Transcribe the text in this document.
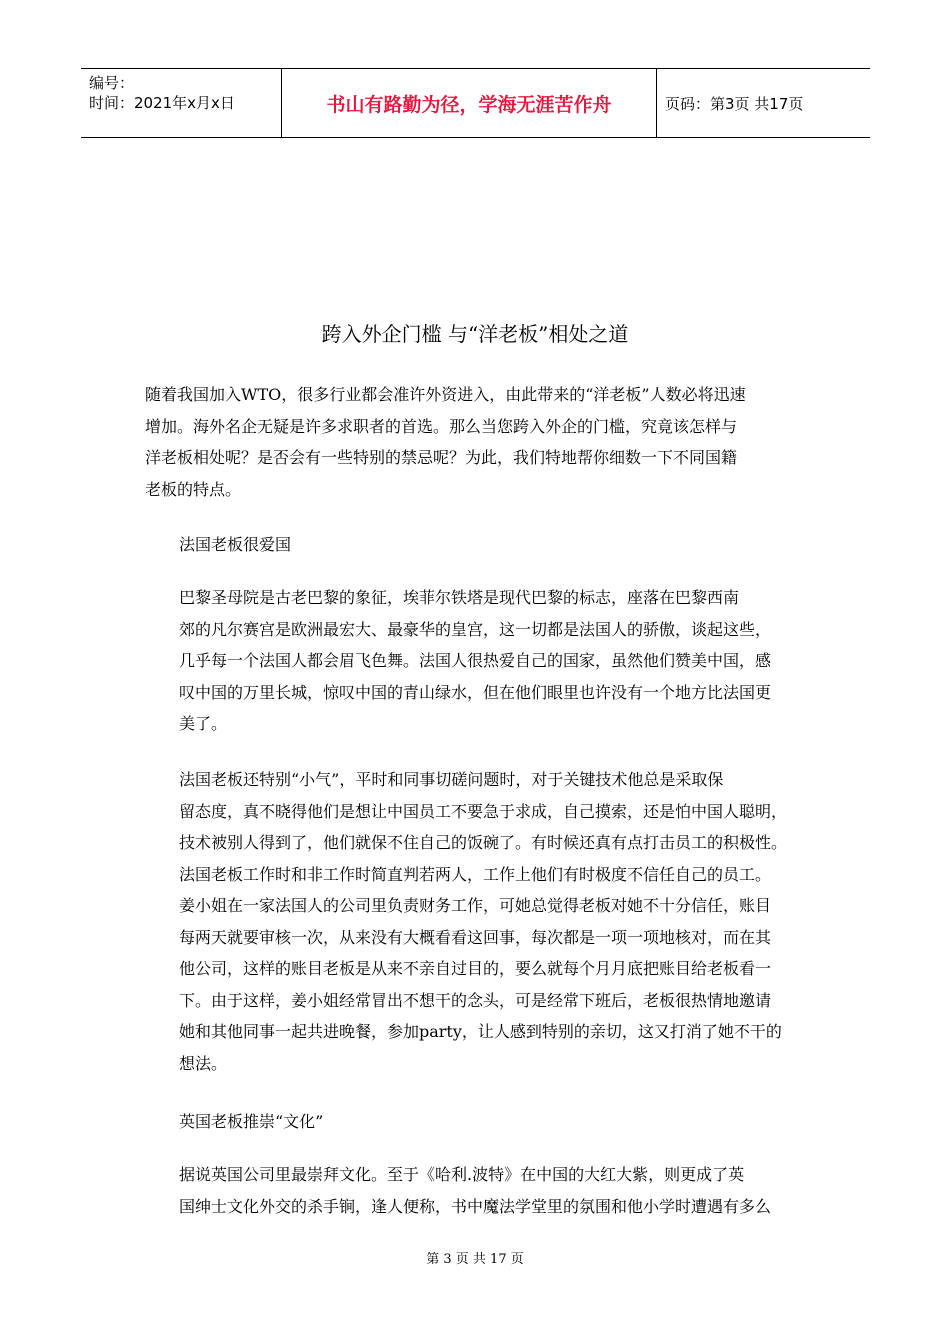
编号：
时间：2021年x月x日	书山有路勤为径，学海无涯苦作舟	页码：第3页 共17页
跨入外企门槛 与“洋老板”相处之道
随着我国加入WTO，很多行业都会准许外资进入，由此带来的“洋老板”人数必将迅速
增加。海外名企无疑是许多求职者的首选。那么当您跨入外企的门槛，究竟该怎样与
洋老板相处呢？是否会有一些特别的禁忌呢？为此，我们特地帮你细数一下不同国籍
老板的特点。
法国老板很爱国
巴黎圣母院是古老巴黎的象征，埃菲尔铁塔是现代巴黎的标志，座落在巴黎西南
郊的凡尔赛宫是欧洲最宏大、最豪华的皇宫，这一切都是法国人的骄傲，谈起这些，
几乎每一个法国人都会眉飞色舞。法国人很热爱自己的国家，虽然他们赞美中国，感
叹中国的万里长城，惊叹中国的青山绿水，但在他们眼里也许没有一个地方比法国更
美了。
法国老板还特别“小气”，平时和同事切磋问题时，对于关键技术他总是采取保
留态度，真不晓得他们是想让中国员工不要急于求成，自己摸索，还是怕中国人聪明，
技术被别人得到了，他们就保不住自己的饭碗了。有时候还真有点打击员工的积极性。
法国老板工作时和非工作时简直判若两人，工作上他们有时极度不信任自己的员工。
姜小姐在一家法国人的公司里负责财务工作，可她总觉得老板对她不十分信任，账目
每两天就要审核一次，从来没有大概看看这回事，每次都是一项一项地核对，而在其
他公司，这样的账目老板是从来不亲自过目的，要么就每个月月底把账目给老板看一
下。由于这样，姜小姐经常冒出不想干的念头，可是经常下班后，老板很热情地邀请
她和其他同事一起共进晚餐，参加party，让人感到特别的亲切，这又打消了她不干的
想法。
英国老板推崇“文化”
据说英国公司里最崇拜文化。至于《哈利.波特》在中国的大红大紫，则更成了英
国绅士文化外交的杀手锏，逢人便称，书中魔法学堂里的氛围和他小学时遭遇有多么
第 3 页 共 17 页
